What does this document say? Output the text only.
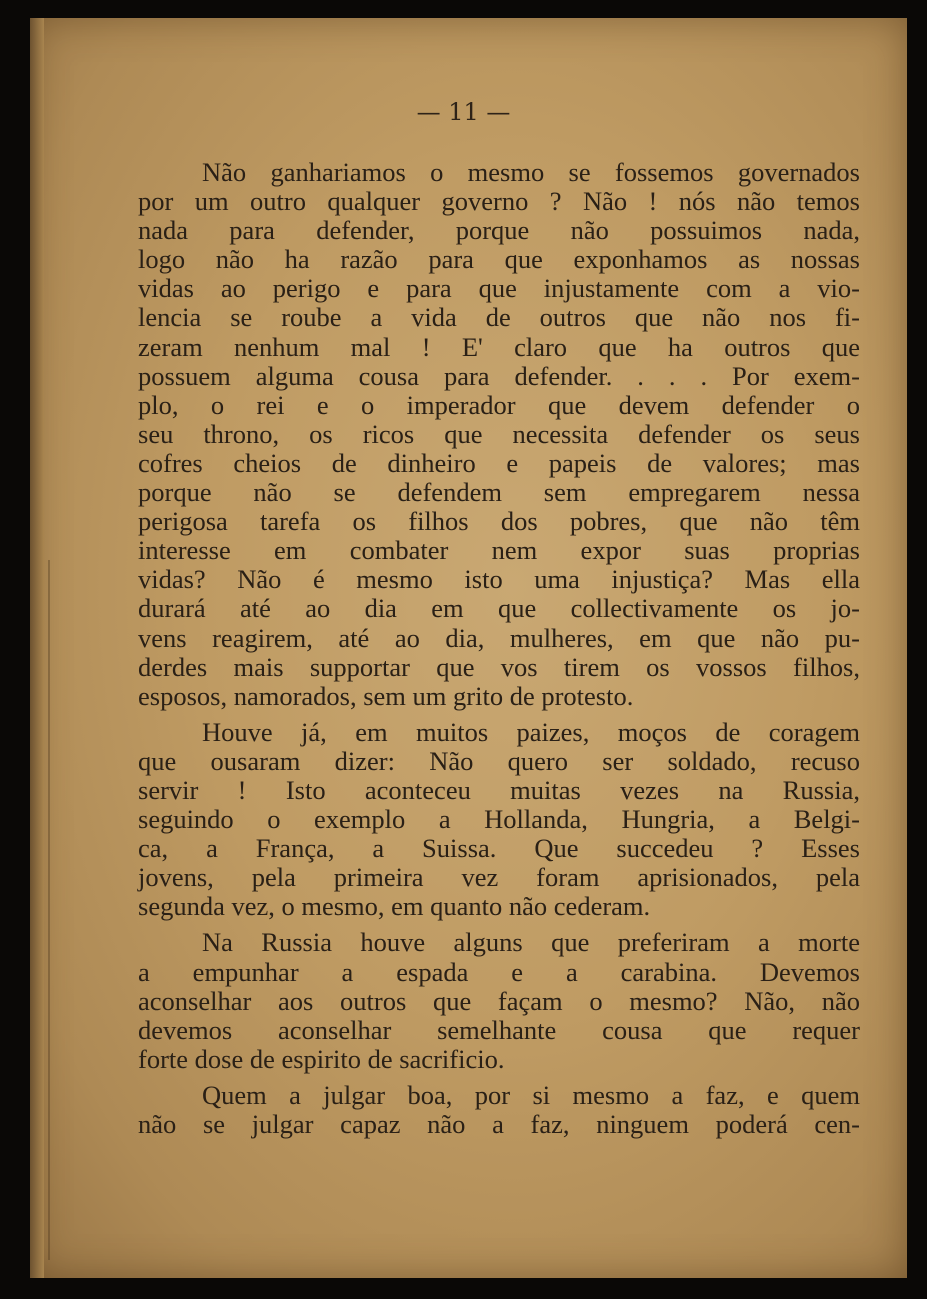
— 11 —
Não ganhariamos o mesmo se fossemos governados
por um outro qualquer governo ? Não ! nós não temos
nada para defender, porque não possuimos nada,
logo não ha razão para que exponhamos as nossas
vidas ao perigo e para que injustamente com a vio-
lencia se roube a vida de outros que não nos fi-
zeram nenhum mal ! E' claro que ha outros que
possuem alguma cousa para defender. . . . Por exem-
plo, o rei e o imperador que devem defender o
seu throno, os ricos que necessita defender os seus
cofres cheios de dinheiro e papeis de valores; mas
porque não se defendem sem empregarem nessa
perigosa tarefa os filhos dos pobres, que não têm
interesse em combater nem expor suas proprias
vidas? Não é mesmo isto uma injustiça? Mas ella
durará até ao dia em que collectivamente os jo-
vens reagirem, até ao dia, mulheres, em que não pu-
derdes mais supportar que vos tirem os vossos filhos,
esposos, namorados, sem um grito de protesto.
Houve já, em muitos paizes, moços de coragem
que ousaram dizer: Não quero ser soldado, recuso
servir ! Isto aconteceu muitas vezes na Russia,
seguindo o exemplo a Hollanda, Hungria, a Belgi-
ca, a França, a Suissa. Que succedeu ? Esses
jovens, pela primeira vez foram aprisionados, pela
segunda vez, o mesmo, em quanto não cederam.
Na Russia houve alguns que preferiram a morte
a empunhar a espada e a carabina. Devemos
aconselhar aos outros que façam o mesmo? Não, não
devemos aconselhar semelhante cousa que requer
forte dose de espirito de sacrificio.
Quem a julgar boa, por si mesmo a faz, e quem
não se julgar capaz não a faz, ninguem poderá cen-
